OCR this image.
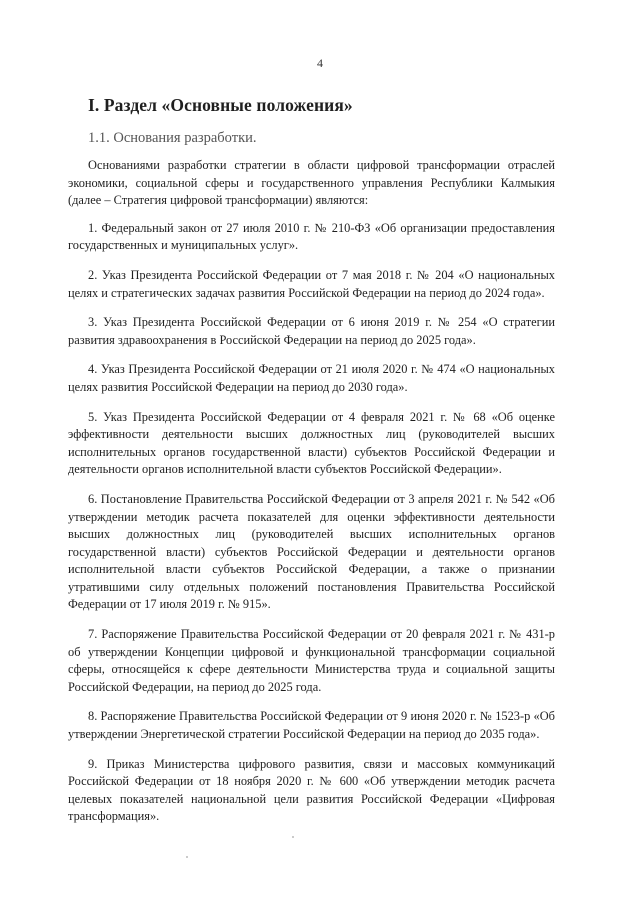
4
I. Раздел «Основные положения»
1.1. Основания разработки.

Основаниями разработки стратегии в области цифровой трансформации отраслей экономики, социальной сферы и государственного управления Республики Калмыкия (далее – Стратегия цифровой трансформации) являются:

1. Федеральный закон от 27 июля 2010 г. № 210-ФЗ «Об организации предоставления государственных и муниципальных услуг».

2. Указ Президента Российской Федерации от 7 мая 2018 г. № 204 «О национальных целях и стратегических задачах развития Российской Федерации на период до 2024 года».

3. Указ Президента Российской Федерации от 6 июня 2019 г. № 254 «О стратегии развития здравоохранения в Российской Федерации на период до 2025 года».

4. Указ Президента Российской Федерации от 21 июля 2020 г. № 474 «О национальных целях развития Российской Федерации на период до 2030 года».

5. Указ Президента Российской Федерации от 4 февраля 2021 г. № 68 «Об оценке эффективности деятельности высших должностных лиц (руководителей высших исполнительных органов государственной власти) субъектов Российской Федерации и деятельности органов исполнительной власти субъектов Российской Федерации».

6. Постановление Правительства Российской Федерации от 3 апреля 2021 г. № 542 «Об утверждении методик расчета показателей для оценки эффективности деятельности высших должностных лиц (руководителей высших исполнительных органов государственной власти) субъектов Российской Федерации и деятельности органов исполнительной власти субъектов Российской Федерации, а также о признании утратившими силу отдельных положений постановления Правительства Российской Федерации от 17 июля 2019 г. № 915».

7. Распоряжение Правительства Российской Федерации от 20 февраля 2021 г. № 431-р об утверждении Концепции цифровой и функциональной трансформации социальной сферы, относящейся к сфере деятельности Министерства труда и социальной защиты Российской Федерации, на период до 2025 года.

8. Распоряжение Правительства Российской Федерации от 9 июня 2020 г. № 1523-р «Об утверждении Энергетической стратегии Российской Федерации на период до 2035 года».

9. Приказ Министерства цифрового развития, связи и массовых коммуникаций Российской Федерации от 18 ноября 2020 г. № 600 «Об утверждении методик расчета целевых показателей национальной цели развития Российской Федерации «Цифровая трансформация».
